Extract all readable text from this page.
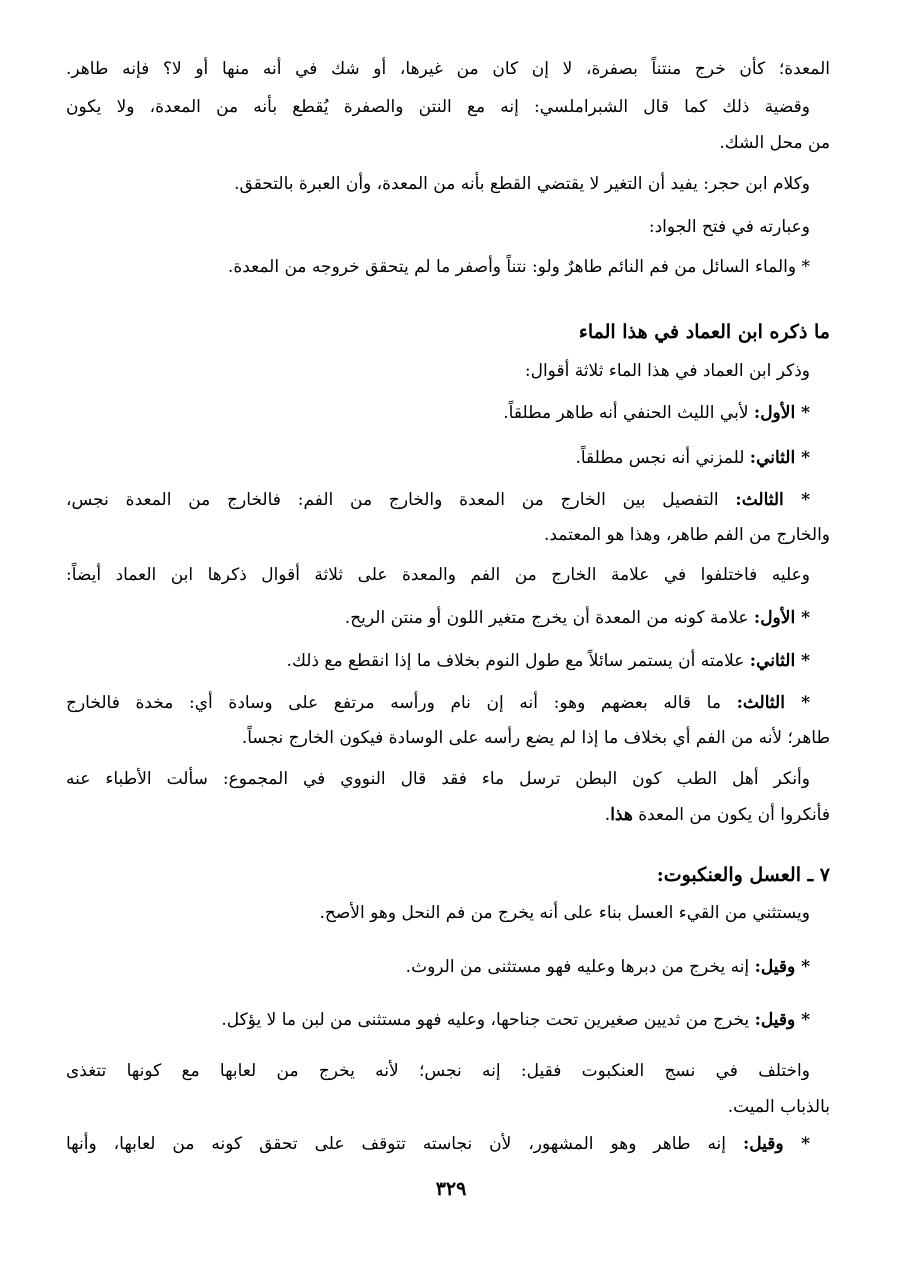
المعدة؛ كأن خرج منتناً بصفرة، لا إن كان من غيرها، أو شك في أنه منها أو لا؟ فإنه طاهر.
وقضية ذلك كما قال الشبراملسي: إنه مع النتن والصفرة يُقطع بأنه من المعدة، ولا يكون
من محل الشك.
وكلام ابن حجر: يفيد أن التغير لا يقتضي القطع بأنه من المعدة، وأن العبرة بالتحقق.
وعبارته في فتح الجواد:
* والماء السائل من فم النائم طاهرٌ ولو: نتناً وأصفر ما لم يتحقق خروجه من المعدة.
ما ذكره ابن العماد في هذا الماء
وذكر ابن العماد في هذا الماء ثلاثة أقوال:
* الأول: لأبي الليث الحنفي أنه طاهر مطلقاً.
* الثاني: للمزني أنه نجس مطلقاً.
* الثالث: التفصيل بين الخارج من المعدة والخارج من الفم: فالخارج من المعدة نجس،
والخارج من الفم طاهر، وهذا هو المعتمد.
وعليه فاختلفوا في علامة الخارج من الفم والمعدة على ثلاثة أقوال ذكرها ابن العماد أيضاً:
* الأول: علامة كونه من المعدة أن يخرج متغير اللون أو منتن الريح.
* الثاني: علامته أن يستمر سائلاً مع طول النوم بخلاف ما إذا انقطع مع ذلك.
* الثالث: ما قاله بعضهم وهو: أنه إن نام ورأسه مرتفع على وسادة أي: مخدة فالخارج
طاهر؛ لأنه من الفم أي بخلاف ما إذا لم يضع رأسه على الوسادة فيكون الخارج نجساً.
وأنكر أهل الطب كون البطن ترسل ماء فقد قال النووي في المجموع: سألت الأطباء عنه
فأنكروا أن يكون من المعدة هذا.
٧ ـ العسل والعنكبوت:
ويستثني من القيء العسل بناء على أنه يخرج من فم النحل وهو الأصح.
* وقيل: إنه يخرج من دبرها وعليه فهو مستثنى من الروث.
* وقيل: يخرج من ثديين صغيرين تحت جناحها، وعليه فهو مستثنى من لبن ما لا يؤكل.
واختلف في نسج العنكبوت فقيل: إنه نجس؛ لأنه يخرج من لعابها مع كونها تتغذى
بالذباب الميت.
* وقيل: إنه طاهر وهو المشهور، لأن نجاسته تتوقف على تحقق كونه من لعابها، وأنها
٣٢٩
